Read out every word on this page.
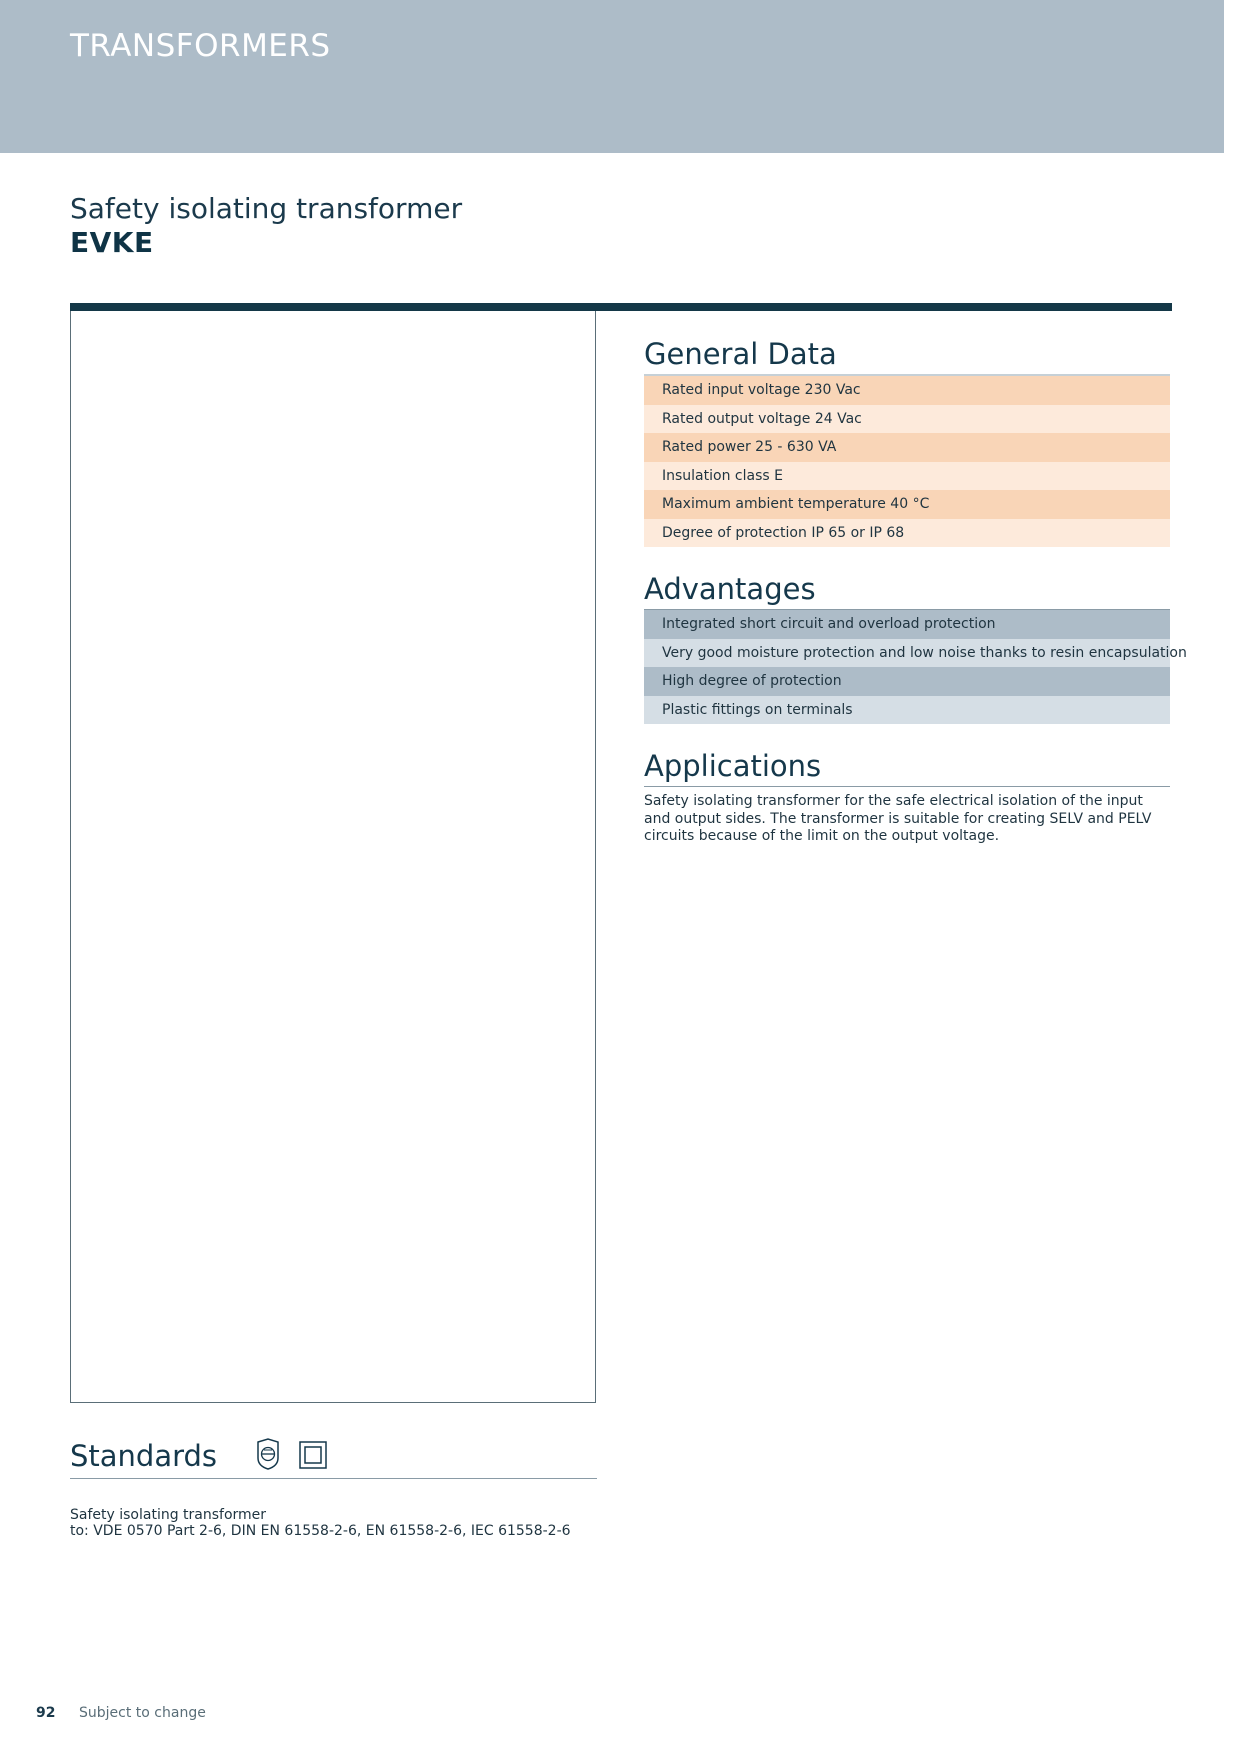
TRANSFORMERS
Safety isolating transformer
EVKE
General Data
Rated input voltage 230 Vac
Rated output voltage 24 Vac
Rated power 25 - 630 VA
Insulation class E
Maximum ambient temperature 40 °C
Degree of protection IP 65 or IP 68
Advantages
Integrated short circuit and overload protection
Very good moisture protection and low noise thanks to resin encapsulation
High degree of protection
Plastic fittings on terminals
Applications

Safety isolating transformer for the safe electrical isolation of the input and output sides. The transformer is suitable for creating SELV and PELV circuits because of the limit on the output voltage.

Standards
Safety isolating transformer
to: VDE 0570 Part 2-6, DIN EN 61558-2-6, EN 61558-2-6, IEC 61558-2-6
92 Subject to change
